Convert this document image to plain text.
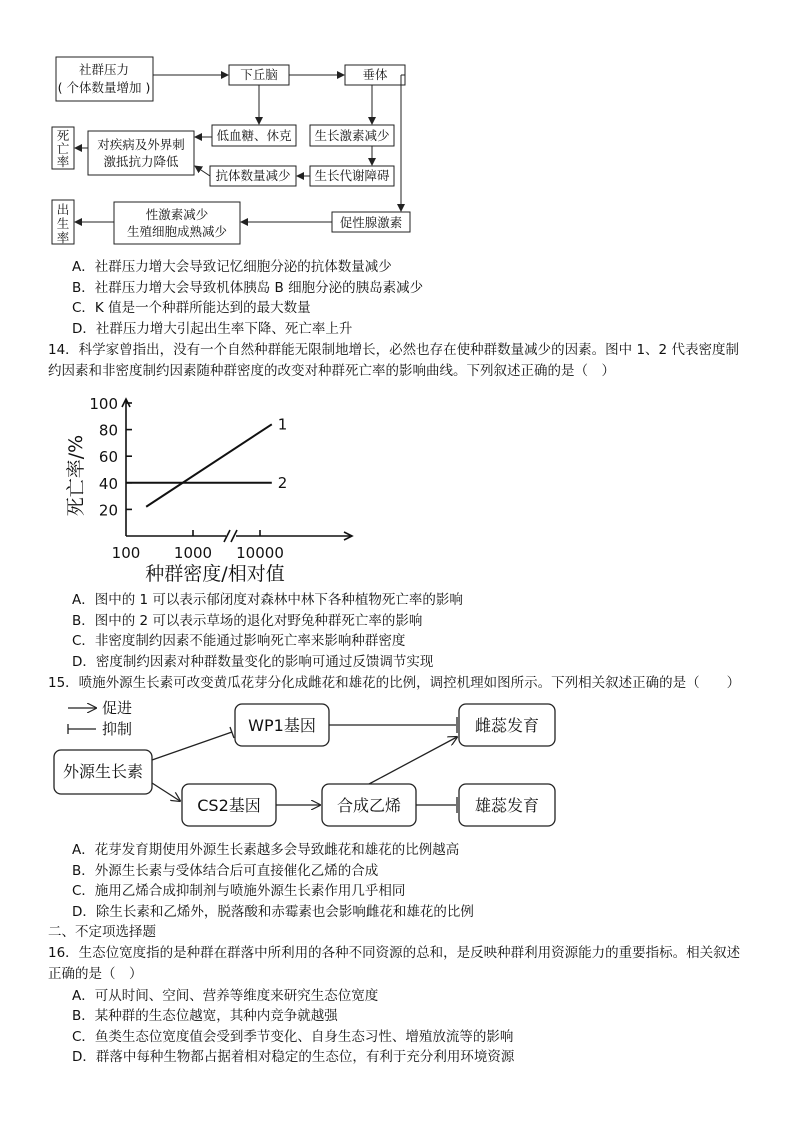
社群压力
( 个体数量增加 )
下丘脑	垂体
低血糖、休克
对疾病及外界刺
激抵抗力降低
死
亡
率
生长激素减少
生长代谢障碍
抗体数量减少
性激素减少
生殖细胞成熟减少
促性腺激素
出
生
率
A．社群压力增大会导致记忆细胞分泌的抗体数量减少
B．社群压力增大会导致机体胰岛 B 细胞分泌的胰岛素减少
C．K 值是一个种群所能达到的最大数量
D．社群压力增大引起出生率下降、死亡率上升
14．科学家曾指出，没有一个自然种群能无限制地增长，必然也存在使种群数量减少的因素。图中 1、2 代表密度制约因素和非密度制约因素随种群密度的改变对种群死亡率的影响曲线。下列叙述正确的是（　）
20
40
60
80
100
100 1000 10000
1
2
死亡率/%
种群密度/相对值
A．图中的 1 可以表示郁闭度对森林中林下各种植物死亡率的影响
B．图中的 2 可以表示草场的退化对野兔种群死亡率的影响
C．非密度制约因素不能通过影响死亡率来影响种群密度
D．密度制约因素对种群数量变化的影响可通过反馈调节实现
15．喷施外源生长素可改变黄瓜花芽分化成雌花和雄花的比例，调控机理如图所示。下列相关叙述正确的是（　　）
促进
抑制
外源生长素
WP1基因	雌蕊发育
CS2基因	合成乙烯	雄蕊发育
A．花芽发育期使用外源生长素越多会导致雌花和雄花的比例越高
B．外源生长素与受体结合后可直接催化乙烯的合成
C．施用乙烯合成抑制剂与喷施外源生长素作用几乎相同
D．除生长素和乙烯外，脱落酸和赤霉素也会影响雌花和雄花的比例
二、不定项选择题
16．生态位宽度指的是种群在群落中所利用的各种不同资源的总和，是反映种群利用资源能力的重要指标。相关叙述正确的是（　）
A．可从时间、空间、营养等维度来研究生态位宽度
B．某种群的生态位越宽，其种内竞争就越强
C．鱼类生态位宽度值会受到季节变化、自身生态习性、增殖放流等的影响
D．群落中每种生物都占据着相对稳定的生态位，有利于充分利用环境资源
